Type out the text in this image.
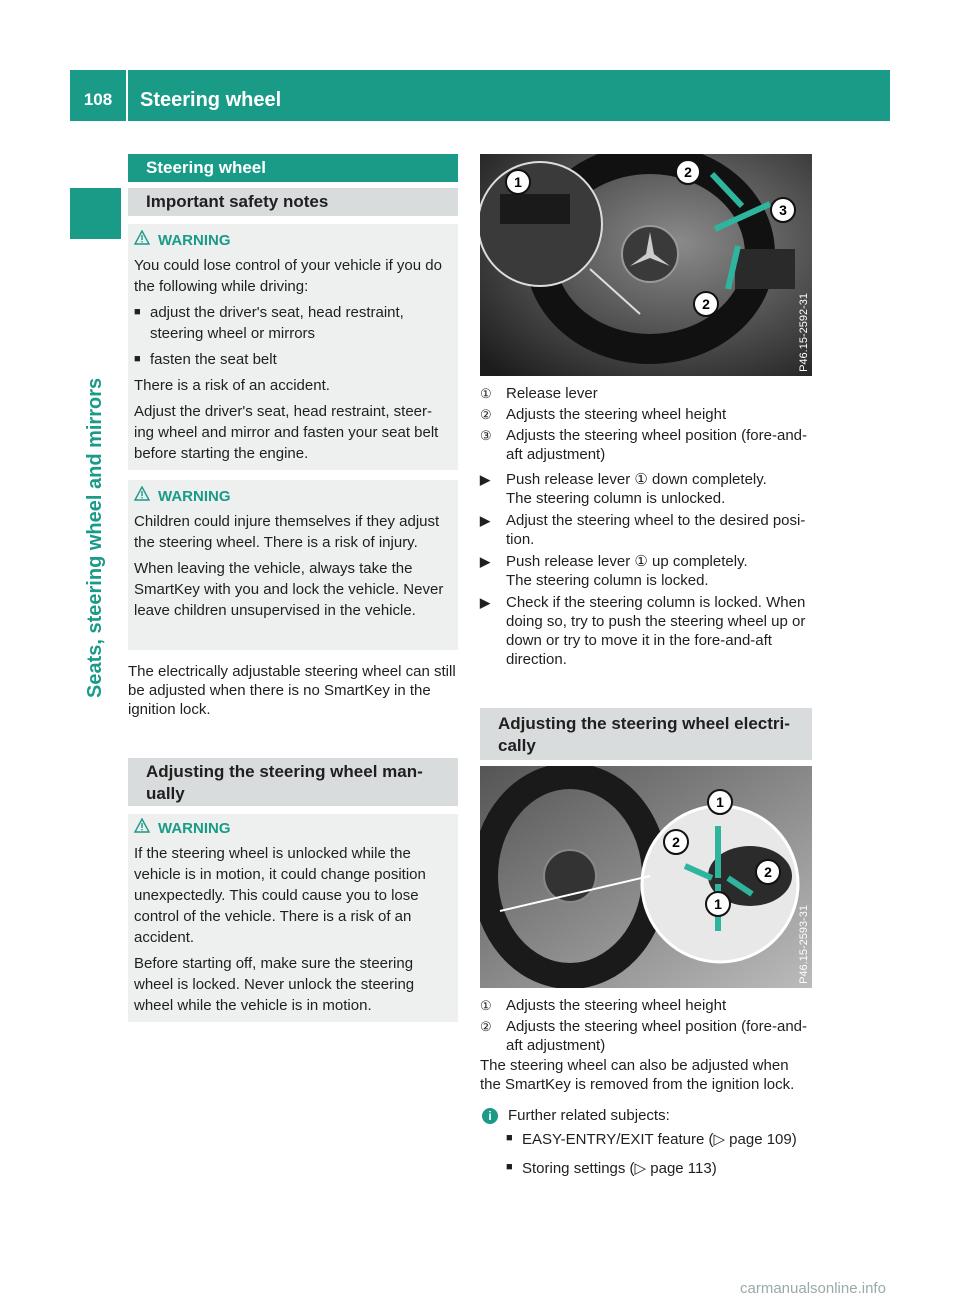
108	Steering wheel
Seats, steering wheel and mirrors
Steering wheel
Important safety notes
WARNING

You could lose control of your vehicle if you do the following while driving:

■ adjust the driver's seat, head restraint, steering wheel or mirrors
■ fasten the seat belt

There is a risk of an accident.

Adjust the driver's seat, head restraint, steer-ing wheel and mirror and fasten your seat belt before starting the engine.

WARNING

Children could injure themselves if they adjust the steering wheel. There is a risk of injury.

When leaving the vehicle, always take the SmartKey with you and lock the vehicle. Never leave children unsupervised in the vehicle.

The electrically adjustable steering wheel can still be adjusted when there is no SmartKey in the ignition lock.

Adjusting the steering wheel man-ually
WARNING

If the steering wheel is unlocked while the vehicle is in motion, it could change position unexpectedly. This could cause you to lose control of the vehicle. There is a risk of an accident.

Before starting off, make sure the steering wheel is locked. Never unlock the steering wheel while the vehicle is in motion.

1
2
3
2	P46.15-2592-31
① Release lever
② Adjusts the steering wheel height
③ Adjusts the steering wheel position (fore-and-aft adjustment)
▶	Push release lever ① down completely.
The steering column is unlocked.
▶	Adjust the steering wheel to the desired posi-tion.
▶	Push release lever ① up completely.
The steering column is locked.
▶	Check if the steering column is locked. When doing so, try to push the steering wheel up or down or try to move it in the fore-and-aft direction.
Adjusting the steering wheel electri-cally
1
2
2
1
P46.15-2593-31
① Adjusts the steering wheel height
② Adjusts the steering wheel position (fore-and-aft adjustment)

The steering wheel can also be adjusted when the SmartKey is removed from the ignition lock.

i	Further related subjects:
■ EASY-ENTRY/EXIT feature (▷ page 109)
■ Storing settings (▷ page 113)
carmanualsonline.info
